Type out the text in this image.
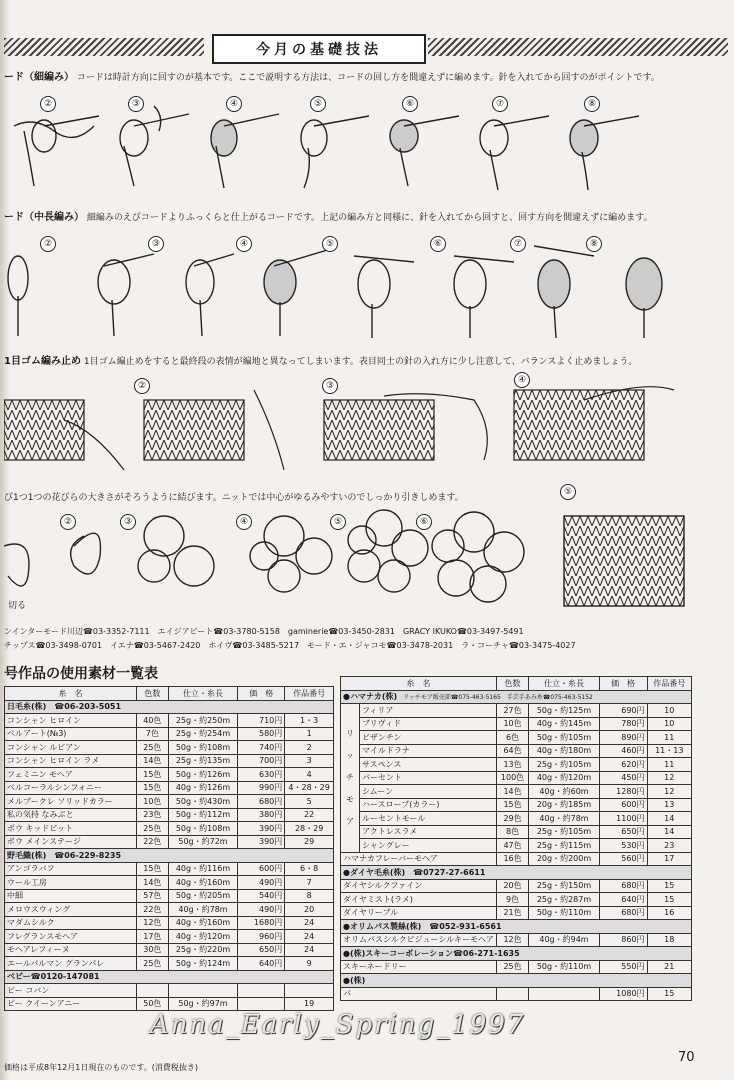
今月の基礎技法
ード（細編み） コードは時計方向に回すのが基本です。ここで説明する方法は、コードの回し方を間違えずに編めます。針を入れてから回すのがポイントです。
②	③	④	⑤	⑥	⑦	⑧
ード（中長編み） 細編みのえびコードよりふっくらと仕上がるコードです。上記の編み方と同様に、針を入れてから回すと、回す方向を間違えずに編めます。
②	③	④	⑤	⑥	⑦	⑧
1目ゴム編み止め 1目ゴム編止めをすると最終段の表情が編地と異なってしまいます。表目同士の針の入れ方に少し注意して、バランスよく止めましょう。
②	③
④
⑤
び1つ1つの花びらの大きさがそろうように結びます。ニットでは中心がゆるみやすいのでしっかり引きしめます。
②	③	④	⑤	⑥
切る
ンインターモード川辺☎03-3352-7111　エイジアビート☎03-3780-5158　gaminerie☎03-3450-2831　GRACY IKUKO☎03-3497-5491
チップス☎03-3498-0701　イエナ☎03-5467-2420　ホイヴ☎03-3485-5217　モード・エ・ジャコモ☎03-3478-2031　ラ・コーチャ☎03-3475-4027
号作品の使用素材一覧表
糸　名	色数	仕立・糸長	価　格	作品番号
日毛糸(株)　☎06-203-5051				
コンシャン ヒロイン	40色	25g・約250m	710円	1・3
ベルアート(№3)	7色	25g・約254m	580円	1
コンシャン ルビアン	25色	50g・約108m	740円	2
コンシャン ヒロイン ラメ	14色	25g・約135m	700円	3
フェミニン モヘア	15色	50g・約126m	630円	4
ベルコーラルシンフォニー	15色	40g・約126m	990円	4・28・29
メルブークレ ソリッドカラー	10色	50g・約430m	680円	5
私の気持 なみぶと	23色	50g・約112m	380円	22
ボウ キッドビット	25色	50g・約108m	390円	28・29
ボウ メインステージ	22色	50g・約72m	390円	29
野毛織(株)　☎06-229-8235				
アンゴラバフ	15色	40g・約116m	600円	6・8
ウール工房	14色	40g・約160m	490円	7
中細	57色	50g・約205m	540円	8
メロウスウィング	22色	40g・約78m	490円	20
マダムシルク	12色	40g・約160m	1680円	24
フレグランスモヘア	17色	40g・約120m	960円	24
モヘアレフィーヌ	30色	25g・約220m	650円	24
エールパルマン グランパレ	25色	50g・約124m	640円	9
ベビー☎0120-147081				
ビー コバン				
ビー クイーンアニー	50色	50g・約97m		19
糸　名		色数	仕立・糸長	価　格	作品番号
●ハマナカ(株)　リッチモア販売部☎075-463-5165　手芸手あみ糸☎075-463-5152					
リ
ッ
チ
モ
ア	フィリア	27色	50g・約125m	690円	10
	ブリヴィド	10色	40g・約145m	780円	10
	ビザンチン	6色	50g・約105m	890円	11
	マイルドラナ	64色	40g・約180m	460円	11・13
	サスペンス	13色	25g・約105m	620円	11
	パーセント	100色	40g・約120m	450円	12
	シムーン	14色	40g・約60m	1280円	12
	ハースロープ(カラー)	15色	20g・約185m	600円	13
	ルーセントモール	29色	40g・約78m	1100円	14
	アクトレスラメ	8色	25g・約105m	650円	14
	シャングレー	47色	25g・約115m	530円	23
ハマナカフレーバーモヘア		16色	20g・約200m	560円	17
●ダイヤ毛糸(株)　☎0727-27-6611					
ダイヤシルクファイン		20色	25g・約150m	680円	15
ダイヤミスト(ラメ)		9色	25g・約287m	640円	15
ダイヤリーブル		21色	50g・約110m	680円	16
●オリムパス製絲(株)　☎052-931-6561					
オリムパスシルクビジューシルキーモヘア		12色	40g・約94m	860円	18
●(株)スキーコーポレーション☎06-271-1635					
スキーネードリー		25色	50g・約110m	550円	21
●(株)					
パ				1080円	15
Anna_Early_Spring_1997
価格は平成8年12月1日現在のものです。(消費税抜き)
70
